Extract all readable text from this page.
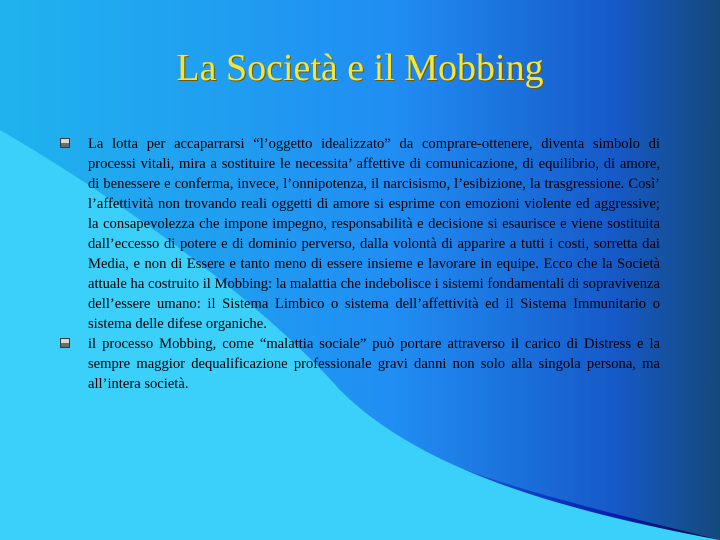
La Società e il Mobbing
La lotta per accaparrarsi “l’oggetto idealizzato” da comprare-ottenere, diventa simbolo di processi vitali, mira a sostituire le necessita’ affettive di comunicazione, di equilibrio, di amore, di benessere e conferma, invece, l’onnipotenza, il narcisismo, l’esibizione, la trasgressione. Così’ l’affettività non trovando reali oggetti di amore si esprime con emozioni violente ed aggressive; la consapevolezza che impone impegno, responsabilità e decisione si esaurisce e viene sostituita dall’eccesso di potere e di dominio perverso, dalla volontà di apparire a tutti i costi, sorretta dai Media, e non di Essere e tanto meno di essere insieme e lavorare in equipe. Ecco che la Società attuale ha costruito il Mobbing: la malattia che indebolisce i sistemi fondamentali di sopravivenza dell’essere umano: il Sistema Limbico o sistema dell’affettività ed il Sistema Immunitario o sistema delle difese organiche.
il processo Mobbing, come “malattia sociale” può portare attraverso il carico di Distress e la sempre maggior dequalificazione professionale gravi danni non solo alla singola persona, ma all’intera società.
